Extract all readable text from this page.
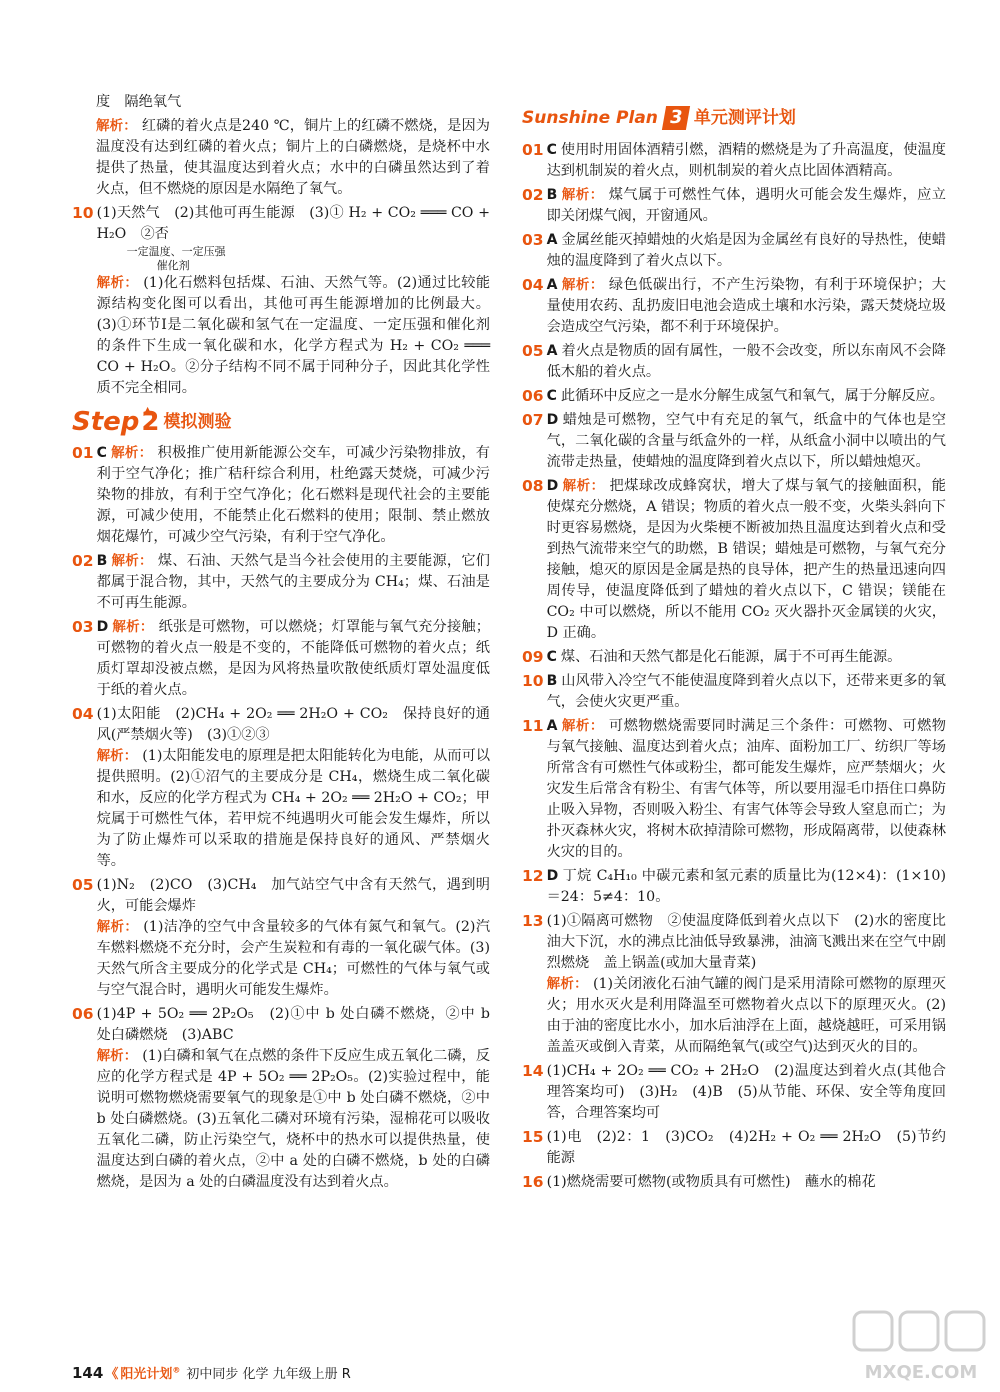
度　隔绝氧气
解析： 红磷的着火点是240 ℃，铜片上的红磷不燃烧，是因为温度没有达到红磷的着火点；铜片上的白磷燃烧，是烧杯中水提供了热量，使其温度达到着火点；水中的白磷虽然达到了着火点，但不燃烧的原因是水隔绝了氧气。
10 (1)天然气　(2)其他可再生能源　(3)① H₂ + CO₂ ═══ CO + H₂O　②否
一定温度、一定压强
催化剂
解析： (1)化石燃料包括煤、石油、天然气等。(2)通过比较能源结构变化图可以看出，其他可再生能源增加的比例最大。(3)①环节Ⅰ是二氧化碳和氢气在一定温度、一定压强和催化剂的条件下生成一氧化碳和水，化学方程式为 H₂ + CO₂ ═══ CO + H₂O。②分子结构不同不属于同种分子，因此其化学性质不完全相同。
Step
▲ 2 模拟测验
01 C 解析： 积极推广使用新能源公交车，可减少污染物排放，有利于空气净化；推广秸秆综合利用，杜绝露天焚烧，可减少污染物的排放，有利于空气净化；化石燃料是现代社会的主要能源，可减少使用，不能禁止化石燃料的使用；限制、禁止燃放烟花爆竹，可减少空气污染，有利于空气净化。
02 B 解析： 煤、石油、天然气是当今社会使用的主要能源，它们都属于混合物，其中，天然气的主要成分为 CH₄；煤、石油是不可再生能源。
03 D 解析： 纸张是可燃物，可以燃烧；灯罩能与氧气充分接触；可燃物的着火点一般是不变的，不能降低可燃物的着火点；纸质灯罩却没被点燃，是因为风将热量吹散使纸质灯罩处温度低于纸的着火点。
04 (1)太阳能　(2)CH₄ + 2O₂ ══ 2H₂O + CO₂　保持良好的通风(严禁烟火等)　(3)①②③
解析： (1)太阳能发电的原理是把太阳能转化为电能，从而可以提供照明。(2)①沼气的主要成分是 CH₄，燃烧生成二氧化碳和水，反应的化学方程式为 CH₄ + 2O₂ ══ 2H₂O + CO₂；甲烷属于可燃性气体，若甲烷不纯遇明火可能会发生爆炸，所以为了防止爆炸可以采取的措施是保持良好的通风、严禁烟火等。
05 (1)N₂　(2)CO　(3)CH₄　加气站空气中含有天然气，遇到明火，可能会爆炸
解析： (1)洁净的空气中含量较多的气体有氮气和氧气。(2)汽车燃料燃烧不充分时，会产生炭粒和有毒的一氧化碳气体。(3)天然气所含主要成分的化学式是 CH₄；可燃性的气体与氧气或与空气混合时，遇明火可能发生爆炸。
06 (1)4P + 5O₂ ══ 2P₂O₅　(2)①中 b 处白磷不燃烧，②中 b 处白磷燃烧　(3)ABC
解析： (1)白磷和氧气在点燃的条件下反应生成五氧化二磷，反应的化学方程式是 4P + 5O₂ ══ 2P₂O₅。(2)实验过程中，能说明可燃物燃烧需要氧气的现象是①中 b 处白磷不燃烧，②中 b 处白磷燃烧。(3)五氧化二磷对环境有污染，湿棉花可以吸收五氧化二磷，防止污染空气，烧杯中的热水可以提供热量，使温度达到白磷的着火点，②中 a 处的白磷不燃烧，b 处的白磷燃烧，是因为 a 处的白磷温度没有达到着火点。
Sunshine Plan 3 单元测评计划
01 C 使用时用固体酒精引燃，酒精的燃烧是为了升高温度，使温度达到机制炭的着火点，则机制炭的着火点比固体酒精高。
02 B 解析： 煤气属于可燃性气体，遇明火可能会发生爆炸，应立即关闭煤气阀，开窗通风。
03 A 金属丝能灭掉蜡烛的火焰是因为金属丝有良好的导热性，使蜡烛的温度降到了着火点以下。
04 A 解析： 绿色低碳出行，不产生污染物，有利于环境保护；大量使用农药、乱扔废旧电池会造成土壤和水污染，露天焚烧垃圾会造成空气污染，都不利于环境保护。
05 A 着火点是物质的固有属性，一般不会改变，所以东南风不会降低木船的着火点。
06 C 此循环中反应之一是水分解生成氢气和氧气，属于分解反应。
07 D 蜡烛是可燃物，空气中有充足的氧气，纸盒中的气体也是空气，二氧化碳的含量与纸盒外的一样，从纸盒小洞中以喷出的气流带走热量，使蜡烛的温度降到着火点以下，所以蜡烛熄灭。
08 D 解析： 把煤球改成蜂窝状，增大了煤与氧气的接触面积，能使煤充分燃烧，A 错误；物质的着火点一般不变，火柴头斜向下时更容易燃烧，是因为火柴梗不断被加热且温度达到着火点和受到热气流带来空气的助燃，B 错误；蜡烛是可燃物，与氧气充分接触，熄灭的原因是金属是热的良导体，把产生的热量迅速向四周传导，使温度降低到了蜡烛的着火点以下，C 错误；镁能在 CO₂ 中可以燃烧，所以不能用 CO₂ 灭火器扑灭金属镁的火灾，D 正确。
09 C 煤、石油和天然气都是化石能源，属于不可再生能源。
10 B 山风带入冷空气不能使温度降到着火点以下，还带来更多的氧气，会使火灾更严重。
11 A 解析： 可燃物燃烧需要同时满足三个条件：可燃物、可燃物与氧气接触、温度达到着火点；油库、面粉加工厂、纺织厂等场所常含有可燃性气体或粉尘，都可能发生爆炸，应严禁烟火；火灾发生后常含有粉尘、有害气体等，所以要用湿毛巾捂住口鼻防止吸入异物，否则吸入粉尘、有害气体等会导致人窒息而亡；为扑灭森林火灾，将树木砍掉清除可燃物，形成隔离带，以使森林火灾的目的。
12 D 丁烷 C₄H₁₀ 中碳元素和氢元素的质量比为(12×4)：(1×10)＝24：5≠4：10。
13 (1)①隔离可燃物　②使温度降低到着火点以下　(2)水的密度比油大下沉，水的沸点比油低导致暴沸，油滴飞溅出来在空气中剧烈燃烧　盖上锅盖(或加大量青菜)
解析： (1)关闭液化石油气罐的阀门是采用清除可燃物的原理灭火；用水灭火是利用降温至可燃物着火点以下的原理灭火。(2)由于油的密度比水小，加水后油浮在上面，越烧越旺，可采用锅盖盖灭或倒入青菜，从而隔绝氧气(或空气)达到灭火的目的。
14 (1)CH₄ + 2O₂ ══ CO₂ + 2H₂O　(2)温度达到着火点(其他合理答案均可)　(3)H₂　(4)B　(5)从节能、环保、安全等角度回答，合理答案均可
15 (1)电　(2)2：1　(3)CO₂　(4)2H₂ + O₂ ══ 2H₂O　(5)节约能源
16 (1)燃烧需要可燃物(或物质具有可燃性)　蘸水的棉花
144 《 阳光计划® 初中同步 化学 九年级上册 R	MXQE.COM
